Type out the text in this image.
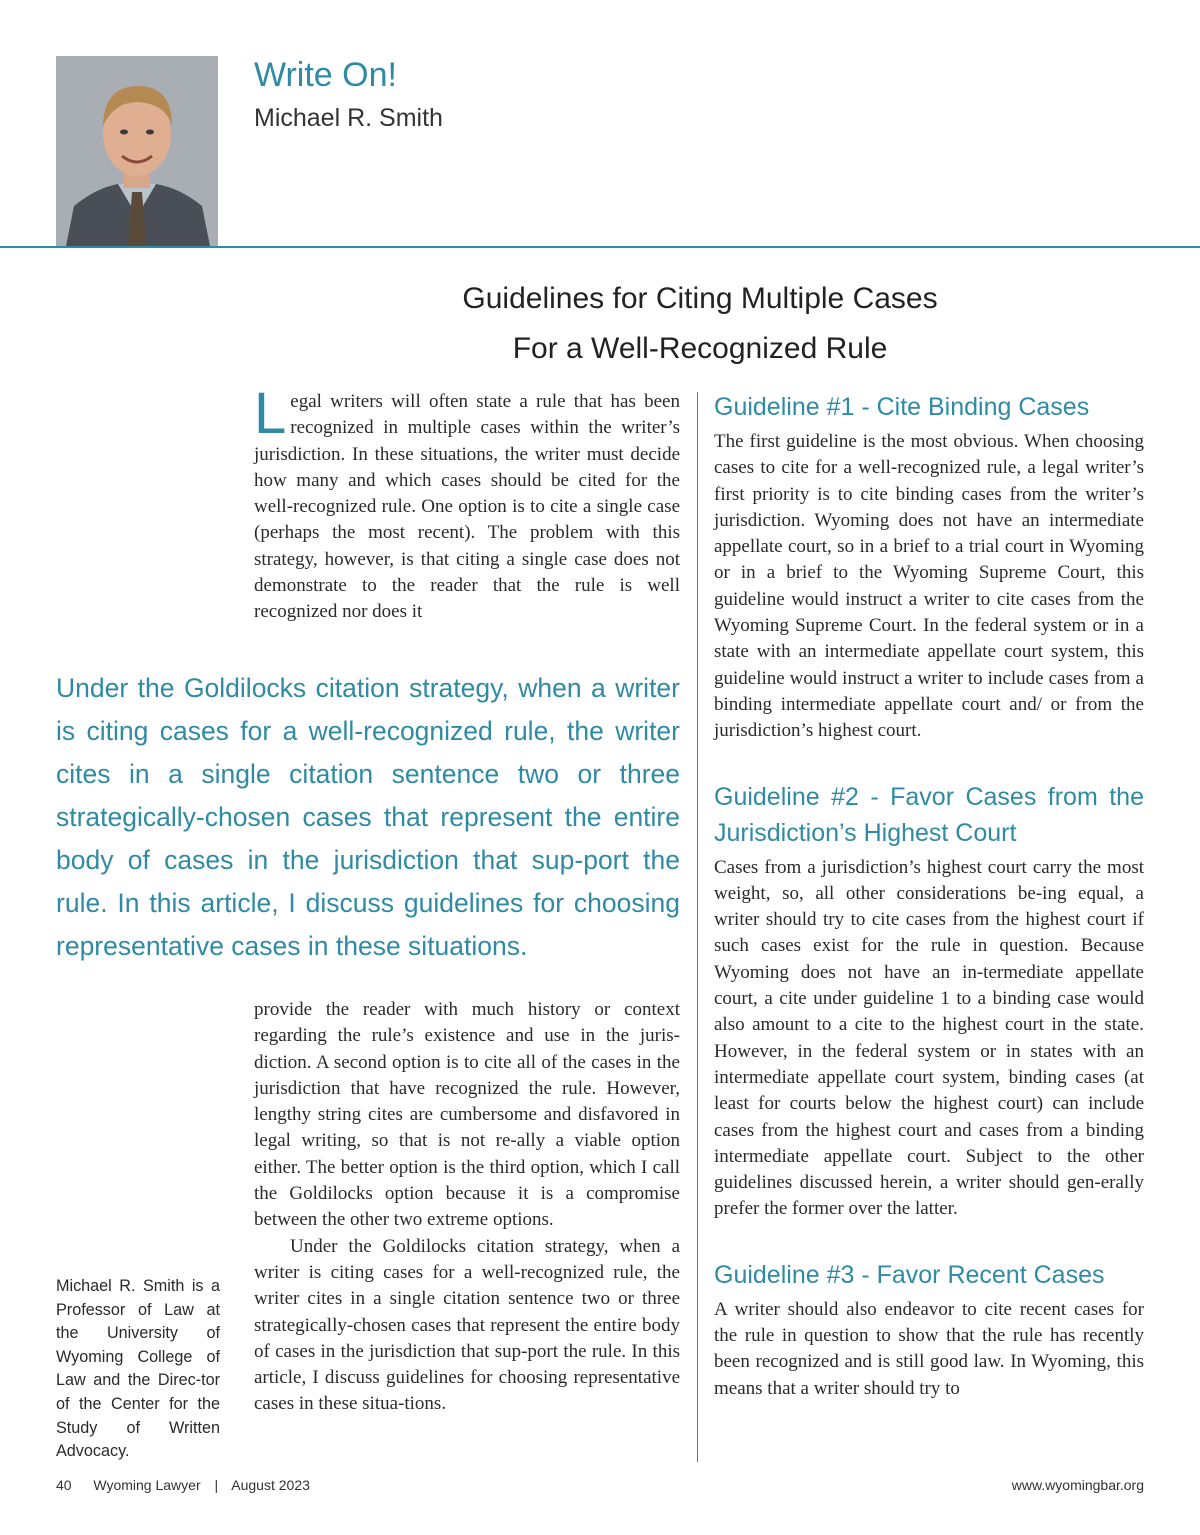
Write On!
Michael R. Smith
Guidelines for Citing Multiple Cases
For a Well-Recognized Rule
Legal writers will often state a rule that has been recognized in multiple cases within the writer’s jurisdiction. In these situations, the writer must decide how many and which cases should be cited for the well-recognized rule. One option is to cite a single case (perhaps the most recent). The problem with this strategy, however, is that citing a single case does not demonstrate to the reader that the rule is well recognized nor does it
Under the Goldilocks citation strategy, when a writer is citing cases for a well-recognized rule, the writer cites in a single citation sentence two or three strategically-chosen cases that represent the entire body of cases in the jurisdiction that sup-port the rule. In this article, I discuss guidelines for choosing representative cases in these situations.

provide the reader with much history or context regarding the rule’s existence and use in the juris-diction. A second option is to cite all of the cases in the jurisdiction that have recognized the rule. However, lengthy string cites are cumbersome and disfavored in legal writing, so that is not re-ally a viable option either. The better option is the third option, which I call the Goldilocks option because it is a compromise between the other two extreme options.

Under the Goldilocks citation strategy, when a writer is citing cases for a well-recognized rule, the writer cites in a single citation sentence two or three strategically-chosen cases that represent the entire body of cases in the jurisdiction that sup-port the rule. In this article, I discuss guidelines for choosing representative cases in these situa-tions.

Michael R. Smith is a Professor of Law at the University of Wyoming College of Law and the Direc-tor of the Center for the Study of Written Advocacy.
Guideline #1 - Cite Binding Cases

The first guideline is the most obvious. When choosing cases to cite for a well-recognized rule, a legal writer’s first priority is to cite binding cases from the writer’s jurisdiction. Wyoming does not have an intermediate appellate court, so in a brief to a trial court in Wyoming or in a brief to the Wyoming Supreme Court, this guideline would instruct a writer to cite cases from the Wyoming Supreme Court. In the federal system or in a state with an intermediate appellate court system, this guideline would instruct a writer to include cases from a binding intermediate appellate court and/ or from the jurisdiction’s highest court.

Guideline #2 - Favor Cases from the Jurisdiction’s Highest Court

Cases from a jurisdiction’s highest court carry the most weight, so, all other considerations be-ing equal, a writer should try to cite cases from the highest court if such cases exist for the rule in question. Because Wyoming does not have an in-termediate appellate court, a cite under guideline 1 to a binding case would also amount to a cite to the highest court in the state. However, in the federal system or in states with an intermediate appellate court system, binding cases (at least for courts below the highest court) can include cases from the highest court and cases from a binding intermediate appellate court. Subject to the other guidelines discussed herein, a writer should gen-erally prefer the former over the latter.

Guideline #3 - Favor Recent Cases

A writer should also endeavor to cite recent cases for the rule in question to show that the rule has recently been recognized and is still good law. In Wyoming, this means that a writer should try to

40 Wyoming Lawyer | August 2023	www.wyomingbar.org
